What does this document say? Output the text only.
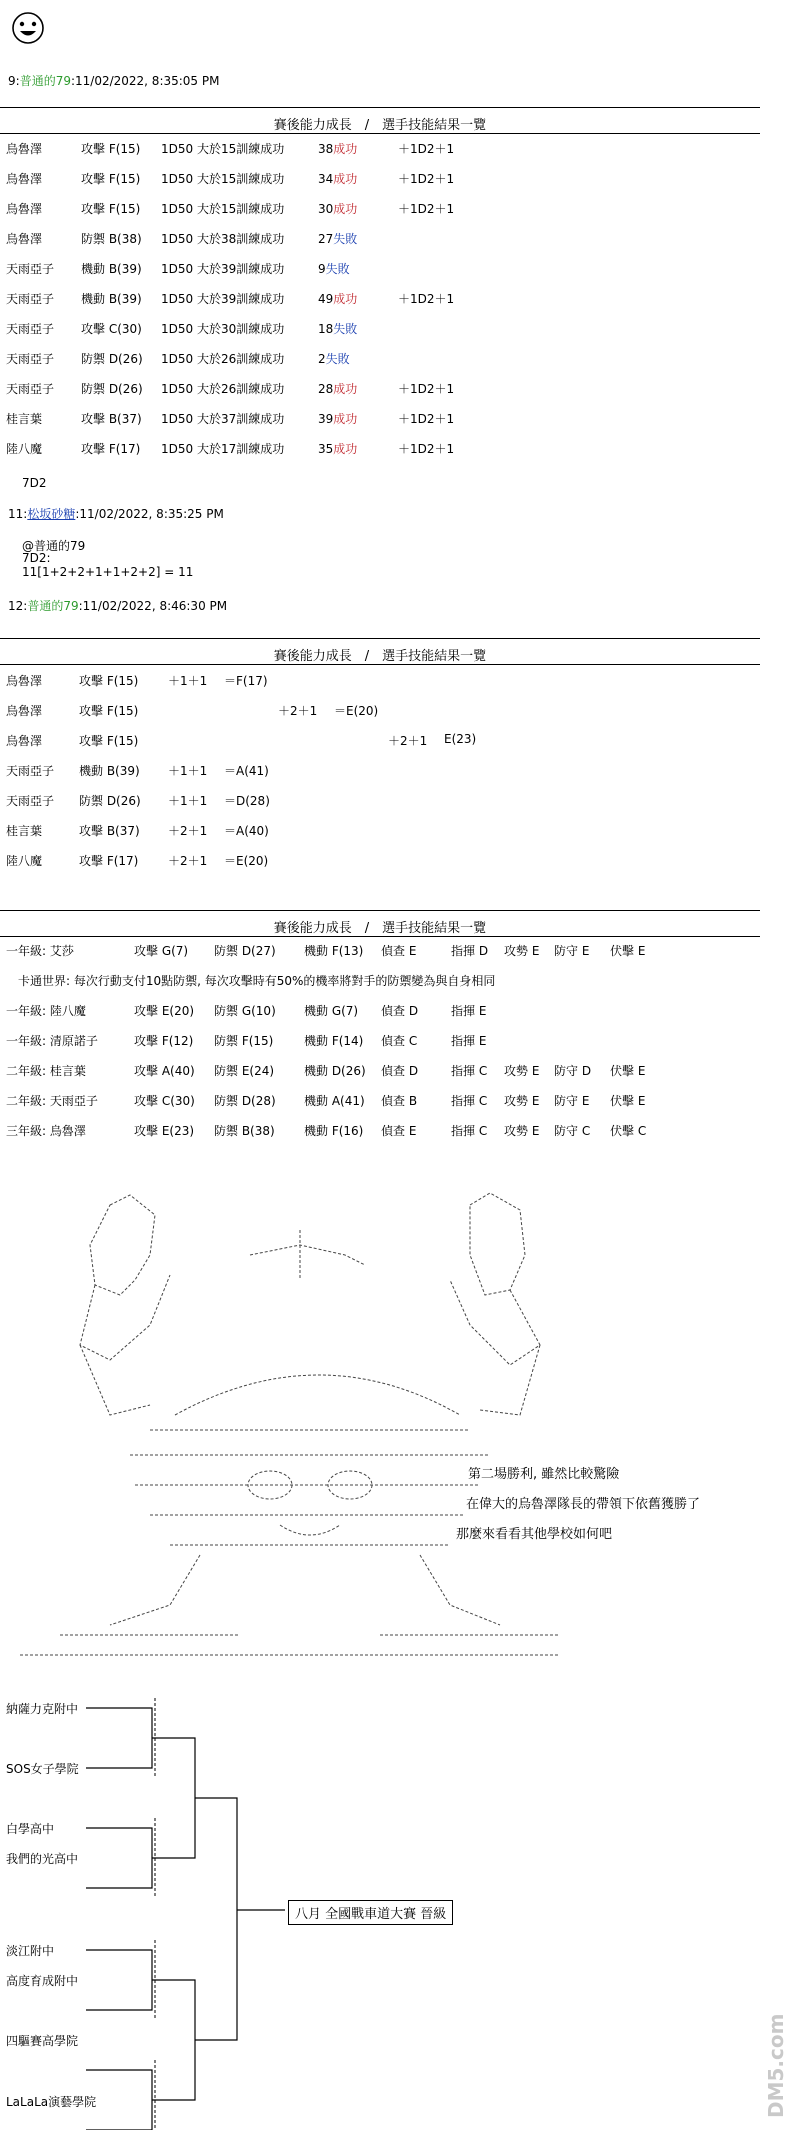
9:普通的79:11/02/2022, 8:35:05 PM
賽後能力成長　/　選手技能結果一覽
烏魯澤	攻擊 F(15) 1D50 大於15訓練成功	38成功	＋1D2＋1
烏魯澤	攻擊 F(15) 1D50 大於15訓練成功	34成功	＋1D2＋1
烏魯澤	攻擊 F(15) 1D50 大於15訓練成功	30成功	＋1D2＋1
烏魯澤	防禦 B(38) 1D50 大於38訓練成功	27失敗
天雨亞子 機動 B(39) 1D50 大於39訓練成功	9失敗
天雨亞子 機動 B(39) 1D50 大於39訓練成功	49成功	＋1D2＋1
天雨亞子 攻擊 C(30) 1D50 大於30訓練成功	18失敗
天雨亞子 防禦 D(26) 1D50 大於26訓練成功	2失敗
天雨亞子 防禦 D(26) 1D50 大於26訓練成功	28成功	＋1D2＋1
桂言葉	攻擊 B(37) 1D50 大於37訓練成功	39成功	＋1D2＋1
陸八魔	攻擊 F(17) 1D50 大於17訓練成功	35成功	＋1D2＋1
7D2
11:松坂砂糖:11/02/2022, 8:35:25 PM
@普通的79
7D2:
11[1+2+2+1+1+2+2] = 11
12:普通的79:11/02/2022, 8:46:30 PM
賽後能力成長　/　選手技能結果一覽
烏魯澤	攻擊 F(15) ＋1＋1 ＝F(17)
烏魯澤	攻擊 F(15)	＋2＋1 ＝E(20)
烏魯澤	攻擊 F(15)	＋2＋1 E(23)
天雨亞子 機動 B(39) ＋1＋1 ＝A(41)
天雨亞子 防禦 D(26) ＋1＋1 ＝D(28)
桂言葉	攻擊 B(37) ＋2＋1 ＝A(40)
陸八魔	攻擊 F(17) ＋2＋1 ＝E(20)
賽後能力成長　/　選手技能結果一覽
一年級: 艾莎	攻擊 G(7) 防禦 D(27) 機動 F(13) 偵查 E	指揮 D 攻勢 E 防守 E 伏擊 E
一年級: 陸八魔	攻擊 E(20) 防禦 G(10) 機動 G(7) 偵查 D	指揮 E
一年級: 清原諾子	攻擊 F(12) 防禦 F(15)	機動 F(14) 偵查 C	指揮 E
二年級: 桂言葉	攻擊 A(40) 防禦 E(24) 機動 D(26) 偵查 D	指揮 C 攻勢 E 防守 D 伏擊 E
二年級: 天雨亞子	攻擊 C(30) 防禦 D(28) 機動 A(41) 偵查 B	指揮 C 攻勢 E 防守 E 伏擊 E
三年級: 烏魯澤	攻擊 E(23) 防禦 B(38) 機動 F(16) 偵查 E	指揮 C 攻勢 E 防守 C 伏擊 C
卡通世界: 每次行動支付10點防禦, 每次攻擊時有50%的機率將對手的防禦變為與自身相同
第二場勝利, 雖然比較驚險
在偉大的烏魯澤隊長的帶領下依舊獲勝了
那麼來看看其他學校如何吧
納薩力克附中
SOS女子學院
白學高中
我們的光高中
淡江附中
高度育成附中
四驅賽高學院
LaLaLa演藝學院
八月 全國戰車道大賽 晉級
DM5.com
